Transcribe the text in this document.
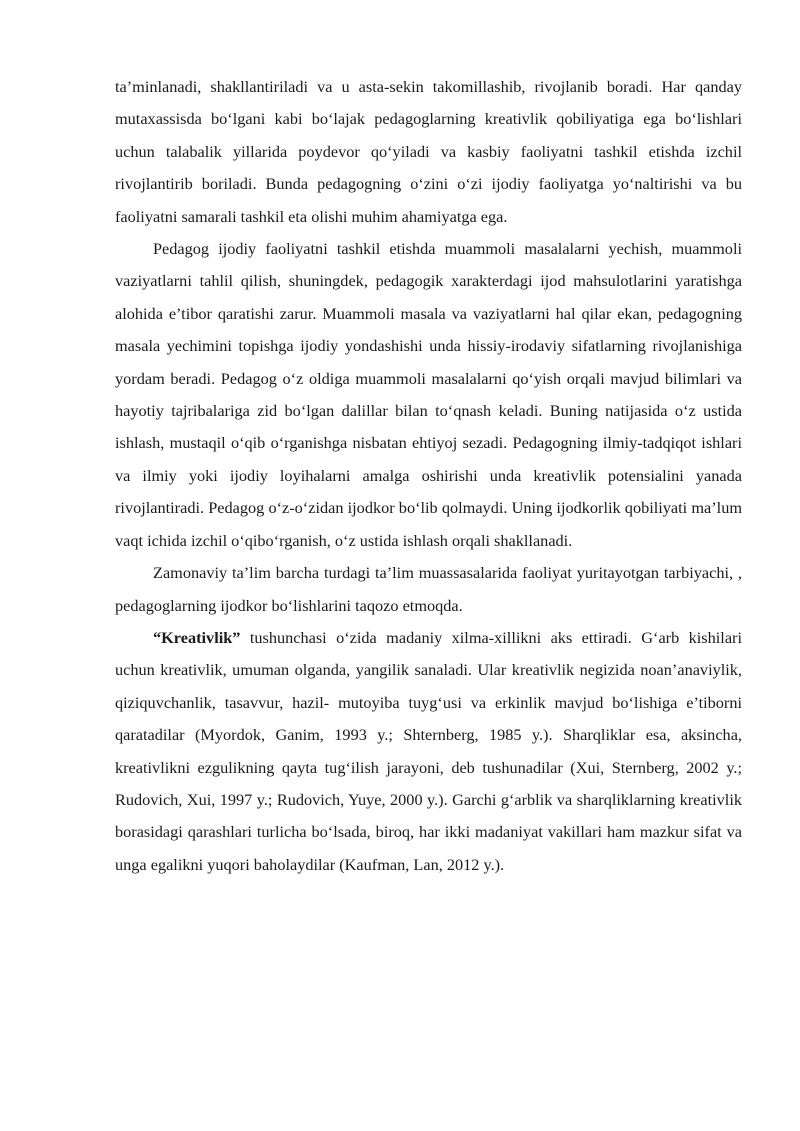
ta’minlanadi, shakllantiriladi va u asta-sekin takomillashib, rivojlanib boradi. Har qanday mutaxassisda bo‘lgani kabi bo‘lajak pedagoglarning kreativlik qobiliyatiga ega bo‘lishlari uchun talabalik yillarida poydevor qo‘yiladi va kasbiy faoliyatni tashkil etishda izchil rivojlantirib boriladi. Bunda pedagogning o‘zini o‘zi ijodiy faoliyatga yo‘naltirishi va bu faoliyatni samarali tashkil eta olishi muhim ahamiyatga ega.

Pedagog ijodiy faoliyatni tashkil etishda muammoli masalalarni yechish, muammoli vaziyatlarni tahlil qilish, shuningdek, pedagogik xarakterdagi ijod mahsulotlarini yaratishga alohida e’tibor qaratishi zarur. Muammoli masala va vaziyatlarni hal qilar ekan, pedagogning masala yechimini topishga ijodiy yondashishi unda hissiy-irodaviy sifatlarning rivojlanishiga yordam beradi. Pedagog o‘z oldiga muammoli masalalarni qo‘yish orqali mavjud bilimlari va hayotiy tajribalariga zid bo‘lgan dalillar bilan to‘qnash keladi. Buning natijasida o‘z ustida ishlash, mustaqil o‘qib o‘rganishga nisbatan ehtiyoj sezadi. Pedagogning ilmiy-tadqiqot ishlari va ilmiy yoki ijodiy loyihalarni amalga oshirishi unda kreativlik potensialini yanada rivojlantiradi. Pedagog o‘z-o‘zidan ijodkor bo‘lib qolmaydi. Uning ijodkorlik qobiliyati ma’lum vaqt ichida izchil o‘qibo‘rganish, o‘z ustida ishlash orqali shakllanadi.

Zamonaviy ta’lim barcha turdagi ta’lim muassasalarida faoliyat yuritayotgan tarbiyachi, , pedagoglarning ijodkor bo‘lishlarini taqozo etmoqda.

“Kreativlik” tushunchasi o‘zida madaniy xilma-xillikni aks ettiradi. G‘arb kishilari uchun kreativlik, umuman olganda, yangilik sanaladi. Ular kreativlik negizida noan’anaviylik, qiziquvchanlik, tasavvur, hazil- mutoyiba tuyg‘usi va erkinlik mavjud bo‘lishiga e’tiborni qaratadilar (Myordok, Ganim, 1993 y.; Shternberg, 1985 y.). Sharqliklar esa, aksincha, kreativlikni ezgulikning qayta tug‘ilish jarayoni, deb tushunadilar (Xui, Sternberg, 2002 y.; Rudovich, Xui, 1997 y.; Rudovich, Yuye, 2000 y.). Garchi g‘arblik va sharqliklarning kreativlik borasidagi qarashlari turlicha bo‘lsada, biroq, har ikki madaniyat vakillari ham mazkur sifat va unga egalikni yuqori baholaydilar (Kaufman, Lan, 2012 y.).
